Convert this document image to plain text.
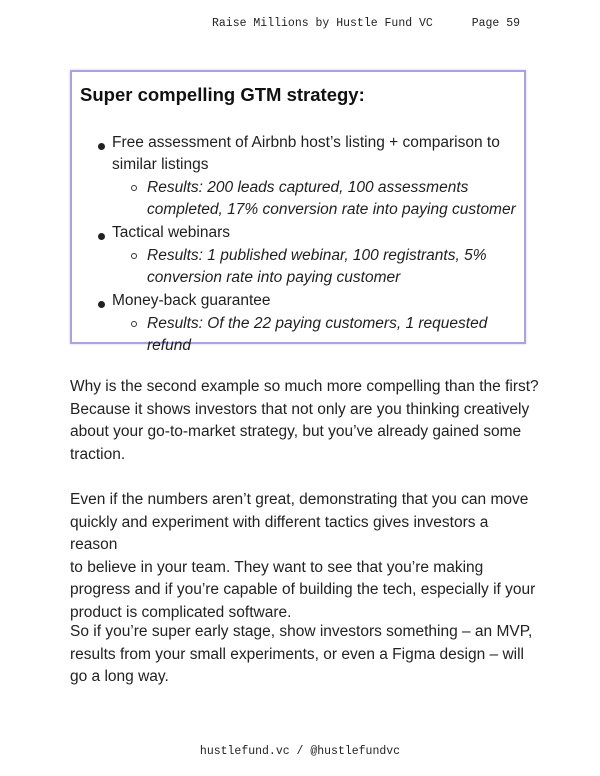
Raise Millions by Hustle Fund VC	Page 59
Super compelling GTM strategy:
Free assessment of Airbnb host’s listing + comparison to
similar listings
Results: 200 leads captured, 100 assessments
completed, 17% conversion rate into paying customer
Tactical webinars
Results: 1 published webinar, 100 registrants, 5%
conversion rate into paying customer
Money-back guarantee
Results: Of the 22 paying customers, 1 requested refund
Why is the second example so much more compelling than the first?
Because it shows investors that not only are you thinking creatively
about your go-to-market strategy, but you’ve already gained some
traction.
Even if the numbers aren’t great, demonstrating that you can move
quickly and experiment with different tactics gives investors a reason
to believe in your team. They want to see that you’re making
progress and if you’re capable of building the tech, especially if your
product is complicated software.
So if you’re super early stage, show investors something – an MVP,
results from your small experiments, or even a Figma design – will
go a long way.
hustlefund.vc / @hustlefundvc
